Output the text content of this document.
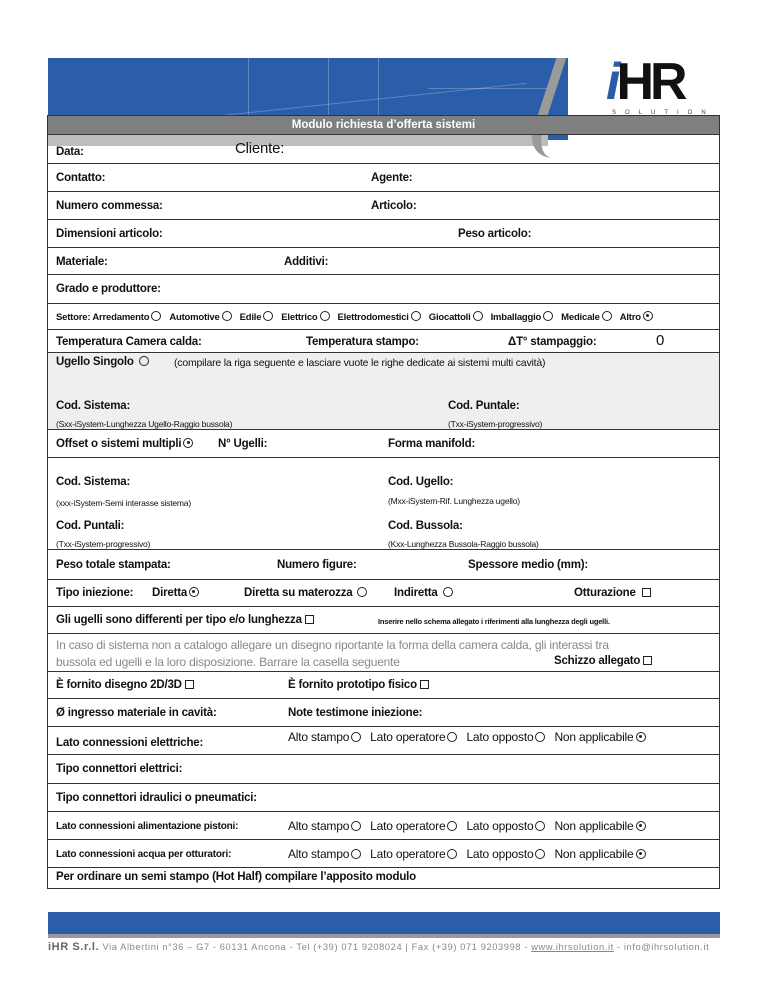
iHR
SOLUTION
Modulo richiesta d’offerta sistemi
Data:	Cliente:
Contatto:	Agente:
Numero commessa:	Articolo:
Dimensioni articolo:	Peso articolo:
Materiale:	Additivi:
Grado e produttore:
Settore: Arredamento	Automotive	Edile	Elettrico	Elettrodomestici	Giocattoli	Imballaggio	Medicale	Altro
Temperatura Camera calda:	Temperatura stampo:	ΔT° stampaggio:	0
Ugello Singolo	(compilare la riga seguente e lasciare vuote le righe dedicate ai sistemi multi cavità)
Cod. Sistema:
(Sxx-iSystem-Lunghezza Ugello-Raggio bussola)
Cod. Puntale:
(Txx-iSystem-progressivo)
Offset o sistemi multipli	N° Ugelli:	Forma manifold:
Cod. Sistema:
(xxx-iSystem-Semi interasse sistema)
Cod. Ugello:
(Mxx-iSystem-Rif. Lunghezza ugello)
Cod. Puntali:
(Txx-iSystem-progressivo)
Cod. Bussola:
(Kxx-Lunghezza Bussola-Raggio bussola)
Peso totale stampata:	Numero figure:	Spessore medio (mm):
Tipo iniezione: Diretta	Diretta su materozza	Indiretta	Otturazione
Gli ugelli sono differenti per tipo e/o lunghezza	Inserire nello schema allegato i riferimenti alla lunghezza degli ugelli.
In caso di sistema non a catalogo allegare un disegno riportante la forma della camera calda, gli interassi tra
bussola ed ugelli e la loro disposizione. Barrare la casella seguente	Schizzo allegato
È fornito disegno 2D/3D	È fornito prototipo fisico
Ø ingresso materiale in cavità:	Note testimone iniezione:
Lato connessioni elettriche:	Alto stampo	Lato operatore	Lato opposto	Non applicabile
Tipo connettori elettrici:
Tipo connettori idraulici o pneumatici:
Lato connessioni alimentazione pistoni:	Alto stampo	Lato operatore	Lato opposto	Non applicabile
Lato connessioni acqua per otturatori:	Alto stampo	Lato operatore	Lato opposto	Non applicabile
Per ordinare un semi stampo (Hot Half) compilare l’apposito modulo
iHR S.r.l. Via Albertini n°36 – G7 - 60131 Ancona - Tel (+39) 071 9208024 | Fax (+39) 071 9203998 - www.ihrsolution.it - info@ihrsolution.it
